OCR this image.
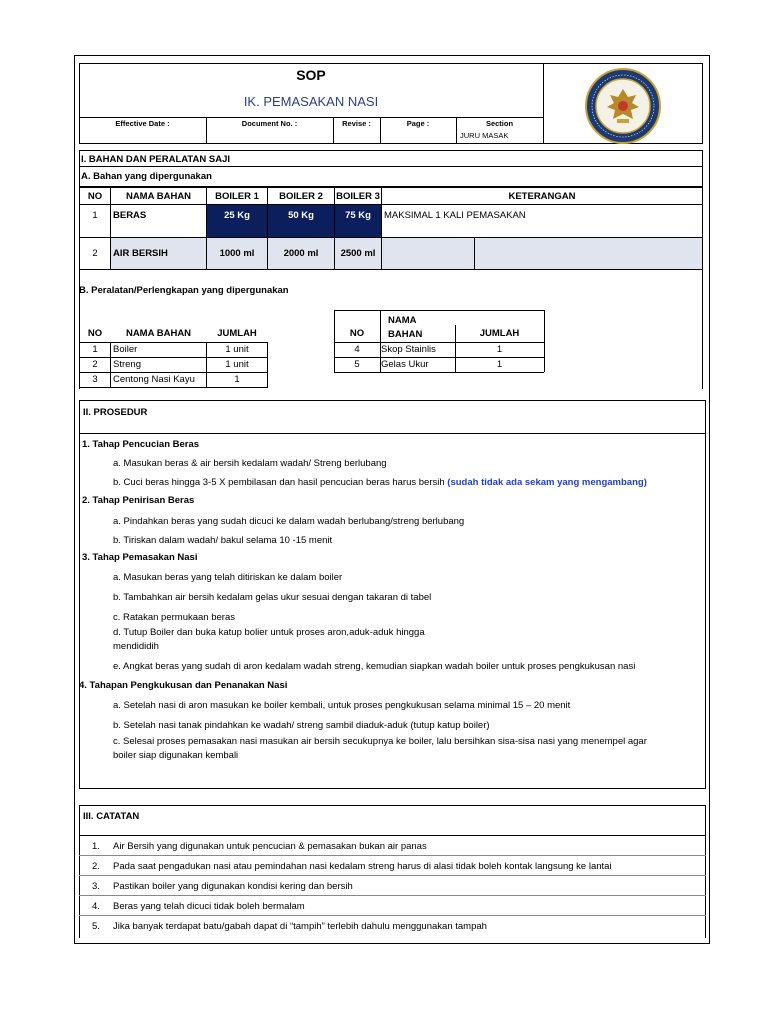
SOP
IK. PEMASAKAN NASI
Effective Date :	Document No. :	Revise :	Page :	Section
JURU MASAK
I. BAHAN DAN PERALATAN SAJI
A. Bahan yang dipergunakan
NO	NAMA BAHAN	BOILER 1	BOILER 2	BOILER 3	KETERANGAN
1	BERAS	25 Kg	50 Kg	75 Kg	MAKSIMAL 1 KALI PEMASAKAN
2	AIR BERSIH	1000 ml	2000 ml	2500 ml
B. Peralatan/Perlengkapan yang dipergunakan
NO	NAMA BAHAN	JUMLAH
1	Boiler	1 unit
2	Streng	1 unit
3	Centong Nasi Kayu	1
NO
NAMA BAHAN	JUMLAH
4	Skop Stainlis	1
5	Gelas Ukur	1
II. PROSEDUR
1. Tahap Pencucian Beras
a. Masukan beras & air bersih kedalam wadah/ Streng berlubang
b. Cuci beras hingga 3-5 X pembilasan dan hasil pencucian beras harus bersih (sudah tidak ada sekam yang mengambang)
2. Tahap Penirisan Beras
a. Pindahkan beras yang sudah dicuci ke dalam wadah berlubang/streng berlubang
b. Tiriskan dalam wadah/ bakul selama 10 -15 menit
3. Tahap Pemasakan Nasi
a. Masukan beras yang telah ditiriskan ke dalam boiler
b. Tambahkan air bersih kedalam gelas ukur sesuai dengan takaran di tabel
c. Ratakan permukaan beras
d. Tutup Boiler dan buka katup bolier untuk proses aron,aduk-aduk hingga
mendididih
e. Angkat beras yang sudah di aron kedalam wadah streng, kemudian siapkan wadah boiler untuk proses pengkukusan nasi
4. Tahapan Pengkukusan dan Penanakan Nasi
a. Setelah nasi di aron masukan ke boiler kembali, untuk proses pengkukusan selama minimal 15 – 20 menit
b. Setelah nasi tanak pindahkan ke wadah/ streng sambil diaduk-aduk (tutup katup boiler)
c. Selesai proses pemasakan nasi masukan air bersih secukupnya ke boiler, lalu bersihkan sisa-sisa nasi yang menempel agar
boiler siap digunakan kembali
III. CATATAN
1. Air Bersih yang digunakan untuk pencucian & pemasakan bukan air panas
2. Pada saat pengadukan nasi atau pemindahan nasi kedalam streng harus di alasi tidak boleh kontak langsung ke lantai
3. Pastikan boiler yang digunakan kondisi kering dan bersih
4. Beras yang telah dicuci tidak boleh bermalam
5. Jika banyak terdapat batu/gabah dapat di “tampih” terlebih dahulu menggunakan tampah
